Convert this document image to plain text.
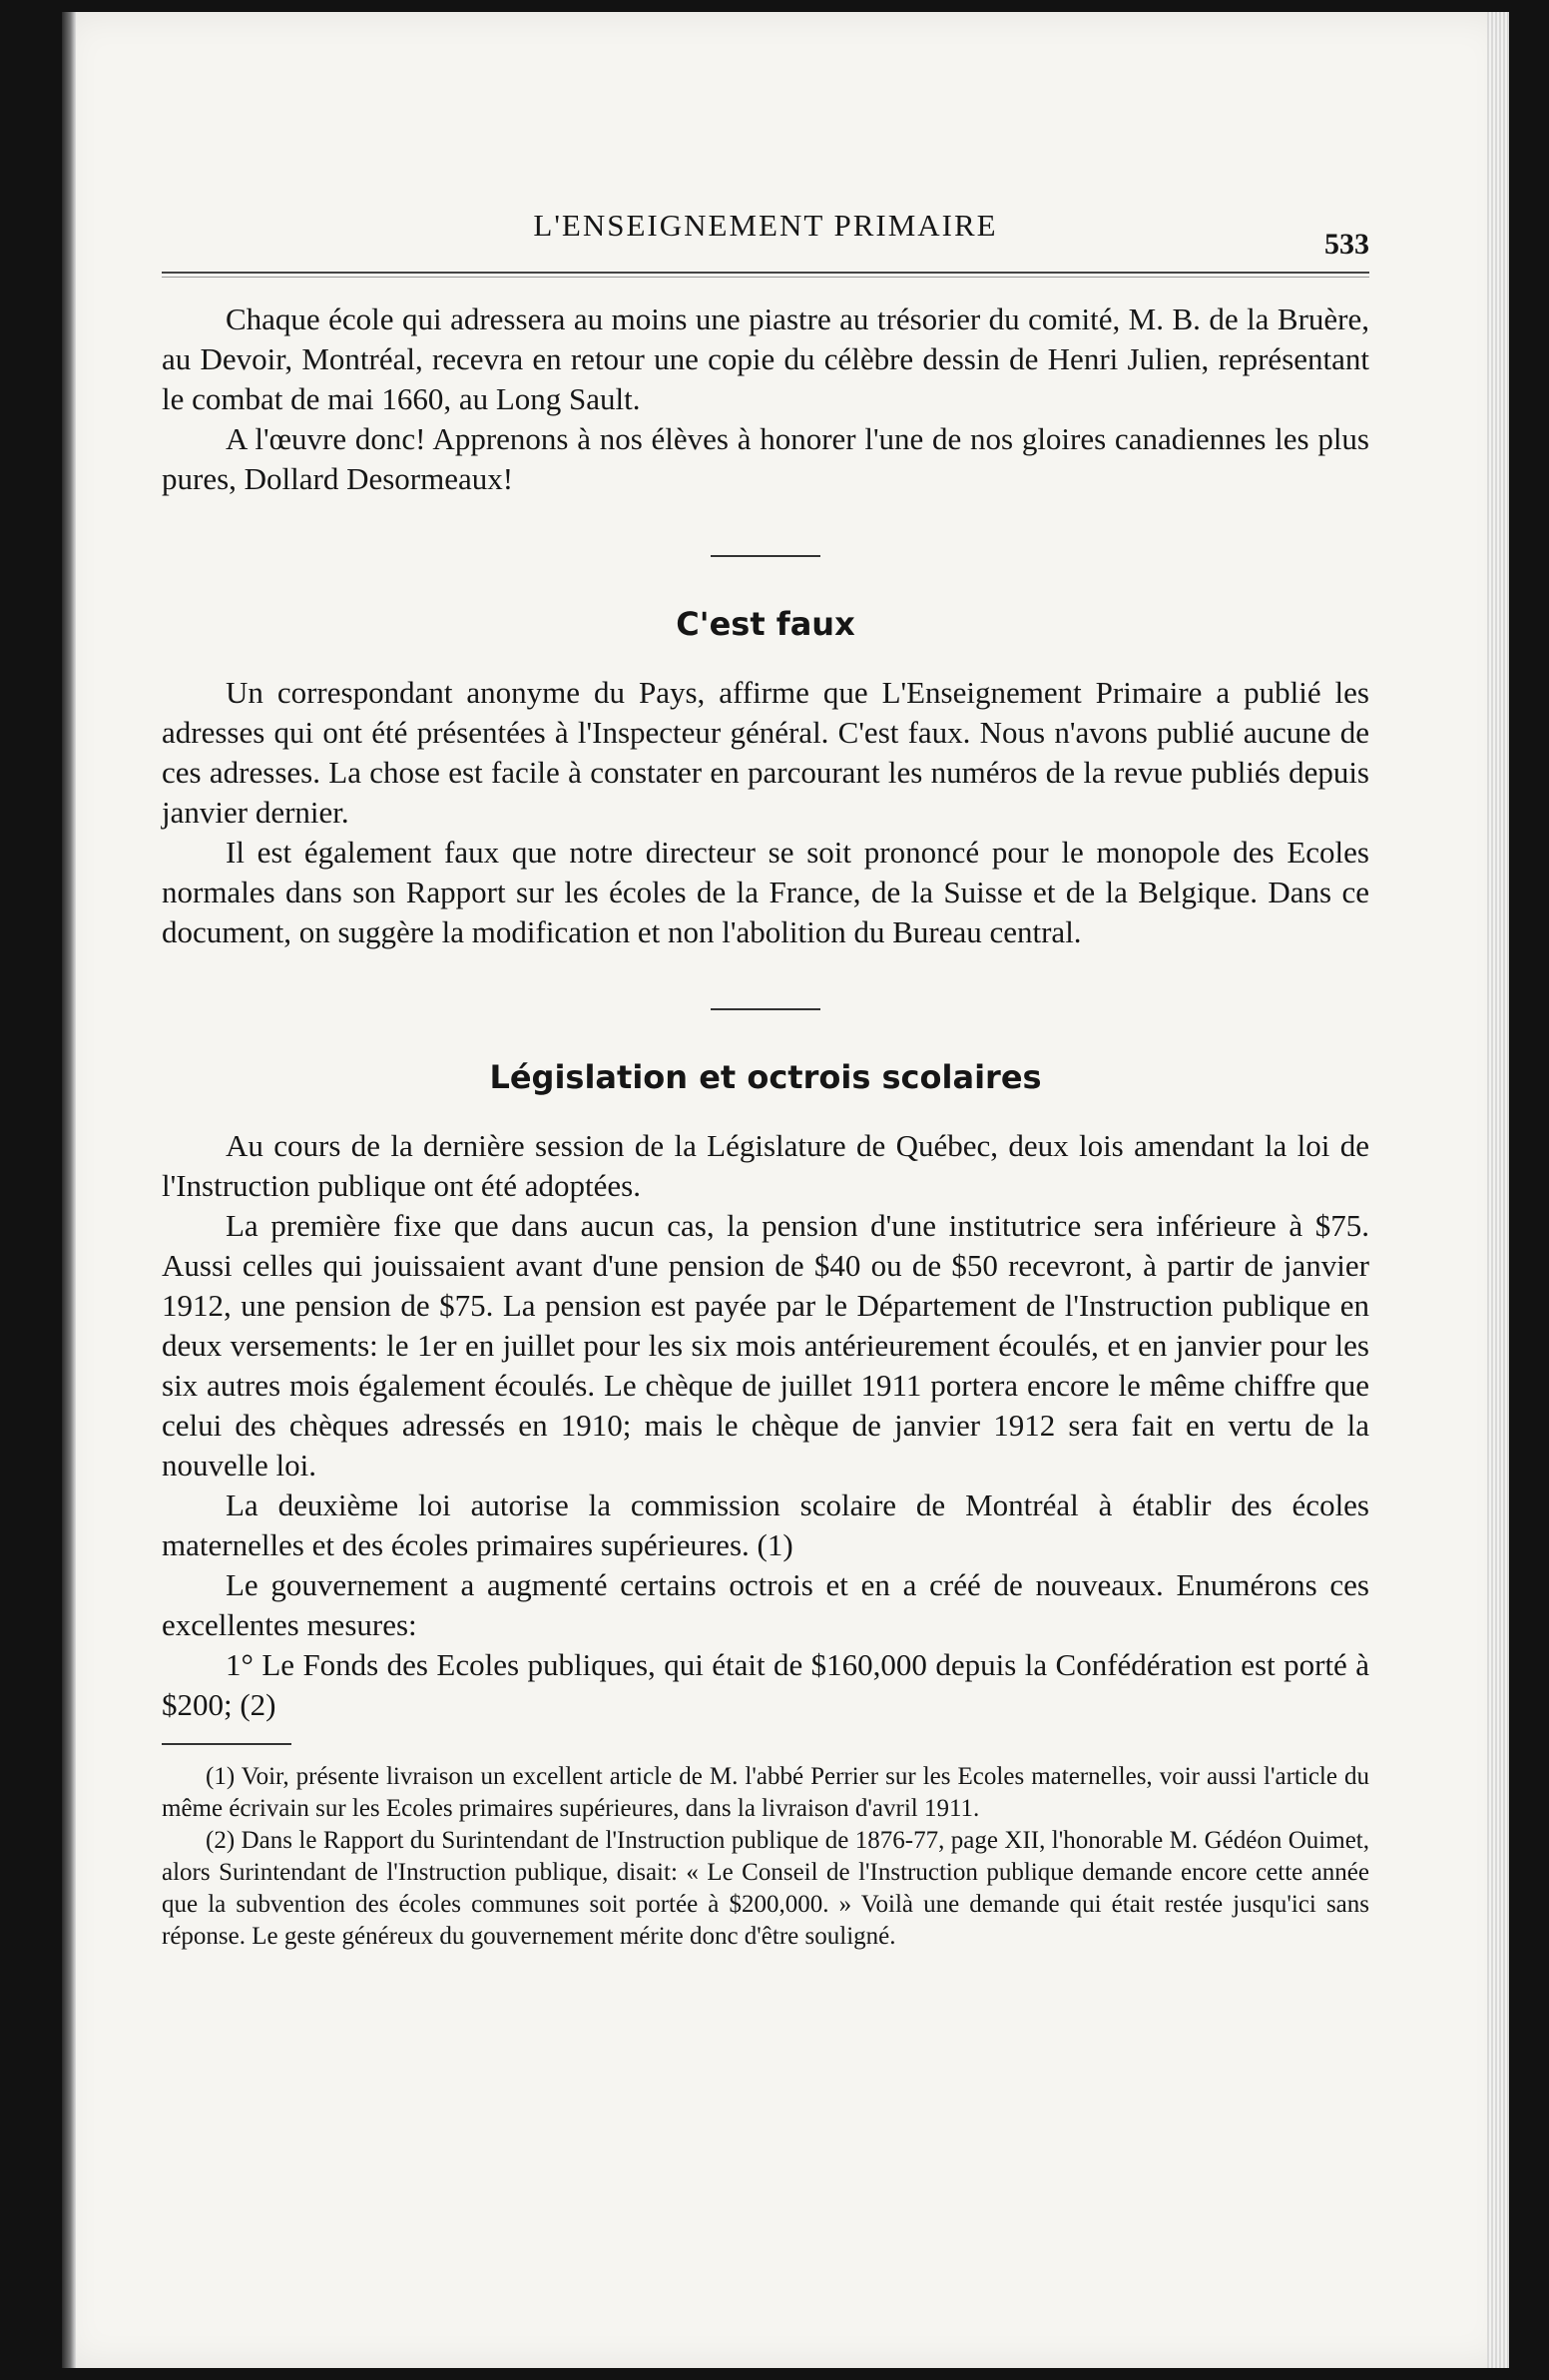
L'ENSEIGNEMENT PRIMAIRE
533

Chaque école qui adressera au moins une piastre au trésorier du comité, M. B. de la Bruère, au Devoir, Montréal, recevra en retour une copie du célèbre dessin de Henri Julien, représentant le combat de mai 1660, au Long Sault.

A l'œuvre donc! Apprenons à nos élèves à honorer l'une de nos gloires canadiennes les plus pures, Dollard Desormeaux!

C'est faux

Un correspondant anonyme du Pays, affirme que L'Enseignement Primaire a publié les adresses qui ont été présentées à l'Inspecteur général. C'est faux. Nous n'avons publié aucune de ces adresses. La chose est facile à constater en parcourant les numéros de la revue publiés depuis janvier dernier.

Il est également faux que notre directeur se soit prononcé pour le monopole des Ecoles normales dans son Rapport sur les écoles de la France, de la Suisse et de la Belgique. Dans ce document, on suggère la modification et non l'abolition du Bureau central.

Législation et octrois scolaires

Au cours de la dernière session de la Législature de Québec, deux lois amendant la loi de l'Instruction publique ont été adoptées.

La première fixe que dans aucun cas, la pension d'une institutrice sera inférieure à $75. Aussi celles qui jouissaient avant d'une pension de $40 ou de $50 recevront, à partir de janvier 1912, une pension de $75. La pension est payée par le Département de l'Instruction publique en deux versements: le 1er en juillet pour les six mois antérieurement écoulés, et en janvier pour les six autres mois également écoulés. Le chèque de juillet 1911 portera encore le même chiffre que celui des chèques adressés en 1910; mais le chèque de janvier 1912 sera fait en vertu de la nouvelle loi.

La deuxième loi autorise la commission scolaire de Montréal à établir des écoles maternelles et des écoles primaires supérieures. (1)

Le gouvernement a augmenté certains octrois et en a créé de nouveaux. Enumérons ces excellentes mesures:

1° Le Fonds des Ecoles publiques, qui était de $160,000 depuis la Confédération est porté à $200; (2)

(1) Voir, présente livraison un excellent article de M. l'abbé Perrier sur les Ecoles maternelles, voir aussi l'article du même écrivain sur les Ecoles primaires supérieures, dans la livraison d'avril 1911.

(2) Dans le Rapport du Surintendant de l'Instruction publique de 1876-77, page XII, l'honorable M. Gédéon Ouimet, alors Surintendant de l'Instruction publique, disait: « Le Conseil de l'Instruction publique demande encore cette année que la subvention des écoles communes soit portée à $200,000. » Voilà une demande qui était restée jusqu'ici sans réponse. Le geste généreux du gouvernement mérite donc d'être souligné.
